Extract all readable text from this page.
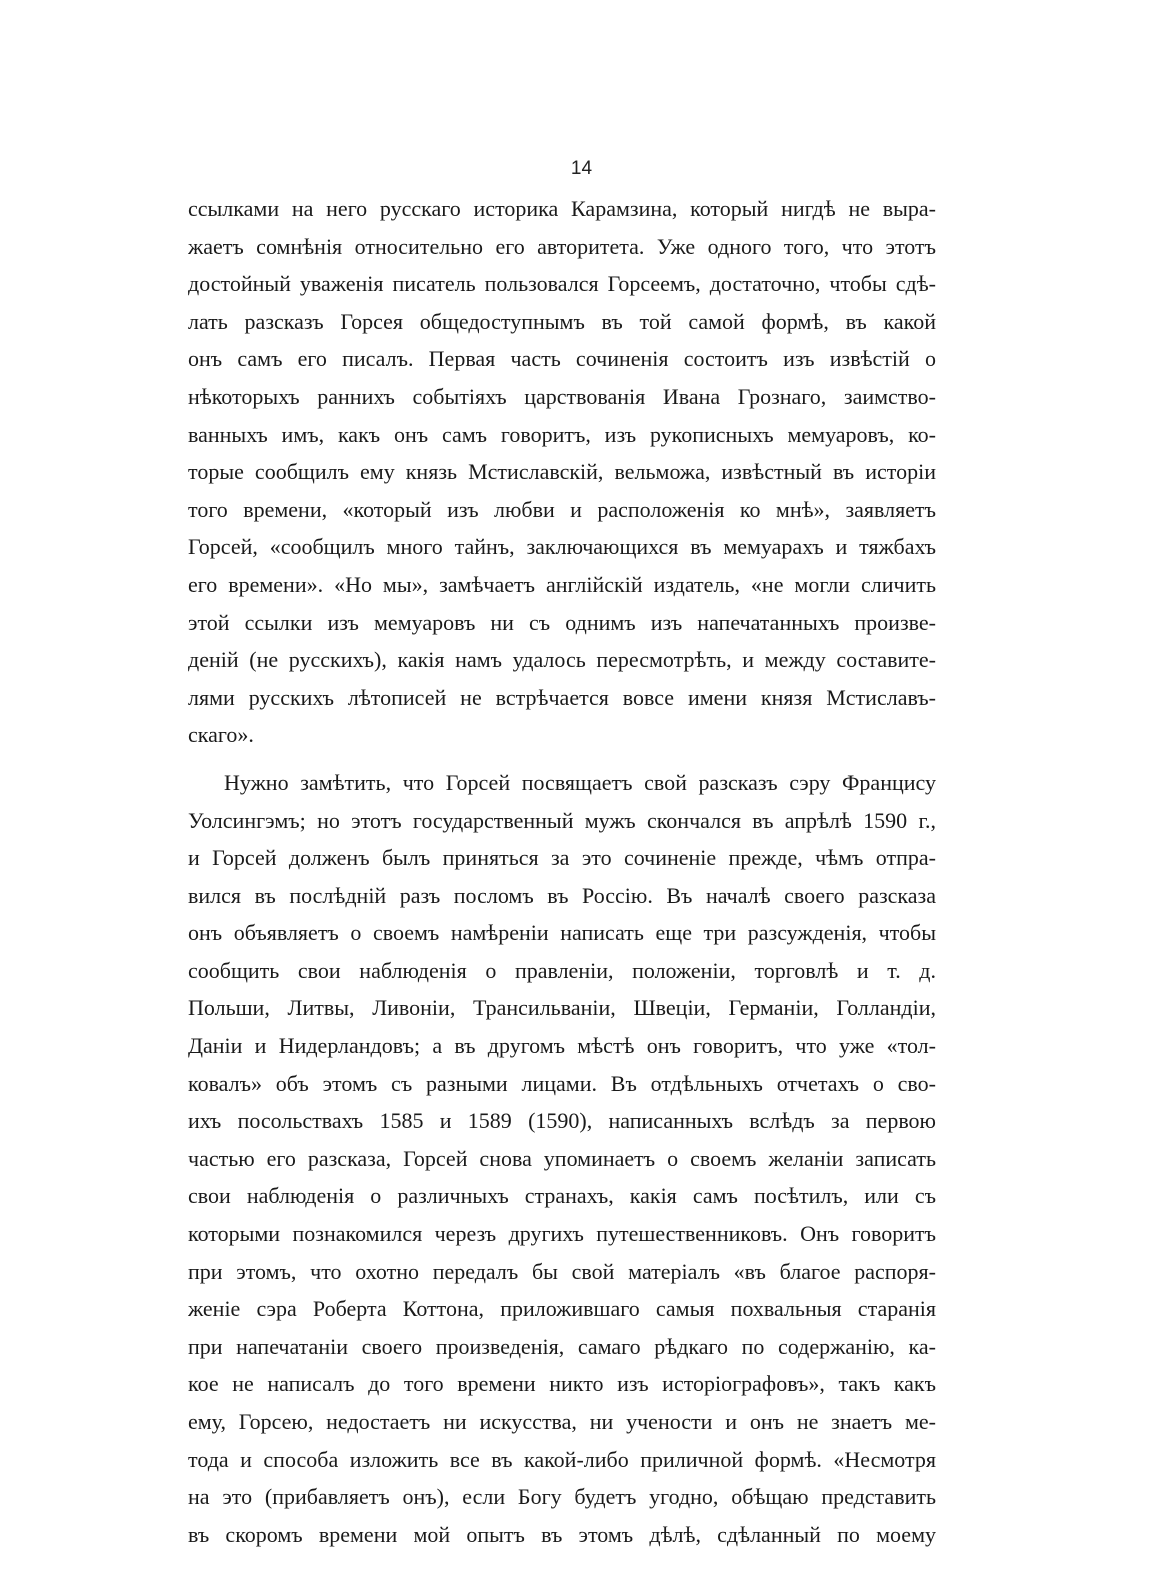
14
ссылками на него русскаго историка Карамзина, который нигдѣ не выра-
жаетъ сомнѣнія относительно его авторитета. Уже одного того, что этотъ
достойный уваженія писатель пользовался Горсеемъ, достаточно, чтобы сдѣ-
лать разсказъ Горсея общедоступнымъ въ той самой формѣ, въ какой
онъ самъ его писалъ. Первая часть сочиненія состоитъ изъ извѣстій о
нѣкоторыхъ раннихъ событіяхъ царствованія Ивана Грознаго, заимство-
ванныхъ имъ, какъ онъ самъ говоритъ, изъ рукописныхъ мемуаровъ, ко-
торые сообщилъ ему князь Мстиславскій, вельможа, извѣстный въ исторіи
того времени, «который изъ любви и расположенія ко мнѣ», заявляетъ
Горсей, «сообщилъ много тайнъ, заключающихся въ мемуарахъ и тяжбахъ
его времени». «Но мы», замѣчаетъ англійскій издатель, «не могли сличить
этой ссылки изъ мемуаровъ ни съ однимъ изъ напечатанныхъ произве-
деній (не русскихъ), какія намъ удалось пересмотрѣть, и между составите-
лями русскихъ лѣтописей не встрѣчается вовсе имени князя Мстиславъ-
скаго».
Нужно замѣтить, что Горсей посвящаетъ свой разсказъ сэру Францису
Уолсингэмъ; но этотъ государственный мужъ скончался въ апрѣлѣ 1590 г.,
и Горсей долженъ былъ приняться за это сочиненіе прежде, чѣмъ отпра-
вился въ послѣдній разъ посломъ въ Россію. Въ началѣ своего разсказа
онъ объявляетъ о своемъ намѣреніи написать еще три разсужденія, чтобы
сообщить свои наблюденія о правленіи, положеніи, торговлѣ и т. д.
Польши, Литвы, Ливоніи, Трансильваніи, Швеціи, Германіи, Голландіи,
Даніи и Нидерландовъ; а въ другомъ мѣстѣ онъ говоритъ, что уже «тол-
ковалъ» объ этомъ съ разными лицами. Въ отдѣльныхъ отчетахъ о сво-
ихъ посольствахъ 1585 и 1589 (1590), написанныхъ вслѣдъ за первою
частью его разсказа, Горсей снова упоминаетъ о своемъ желаніи записать
свои наблюденія о различныхъ странахъ, какія самъ посѣтилъ, или съ
которыми познакомился черезъ другихъ путешественниковъ. Онъ говоритъ
при этомъ, что охотно передалъ бы свой матеріалъ «въ благое распоря-
женіе сэра Роберта Коттона, приложившаго самыя похвальныя старанія
при напечатаніи своего произведенія, самаго рѣдкаго по содержанію, ка-
кое не написалъ до того времени никто изъ исторіографовъ», такъ какъ
ему, Горсею, недостаетъ ни искусства, ни учености и онъ не знаетъ ме-
тода и способа изложить все въ какой-либо приличной формѣ. «Несмотря
на это (прибавляетъ онъ), если Богу будетъ угодно, обѣщаю представить
въ скоромъ времени мой опытъ въ этомъ дѣлѣ, сдѣланный по моему
